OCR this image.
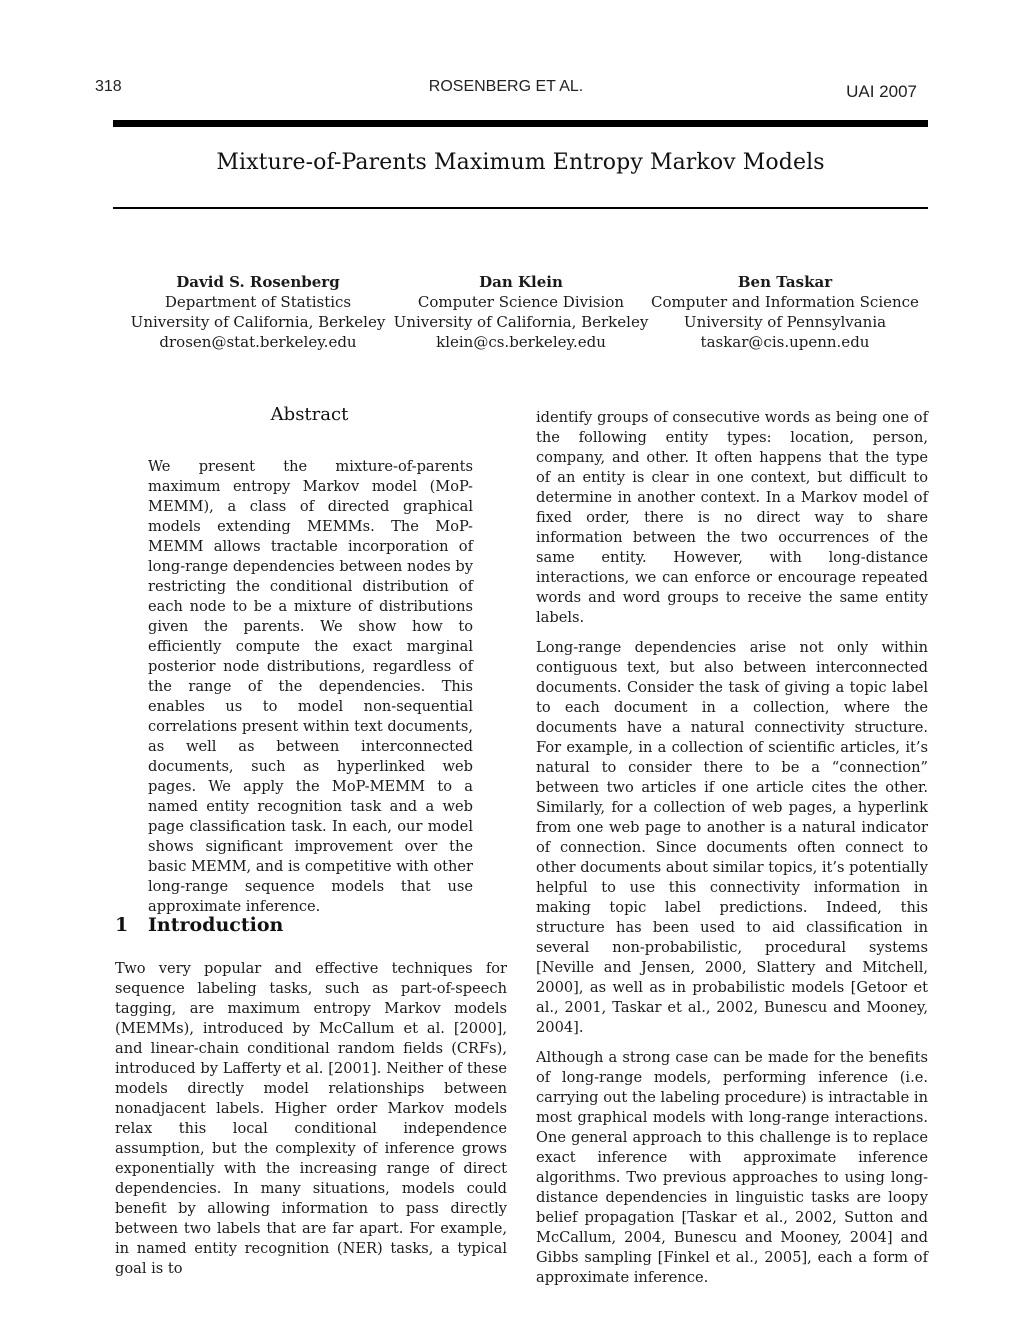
318	ROSENBERG ET AL.	UAI 2007
Mixture-of-Parents Maximum Entropy Markov Models
David S. Rosenberg
Department of Statistics
University of California, Berkeley
drosen@stat.berkeley.edu
Dan Klein
Computer Science Division
University of California, Berkeley
klein@cs.berkeley.edu
Ben Taskar
Computer and Information Science
University of Pennsylvania
taskar@cis.upenn.edu
Abstract

We present the mixture-of-parents maximum entropy Markov model (MoP-MEMM), a class of directed graphical models extending MEMMs. The MoP-MEMM allows tractable incorporation of long-range dependencies between nodes by restricting the conditional distribution of each node to be a mixture of distributions given the parents. We show how to efficiently compute the exact marginal posterior node distributions, regardless of the range of the dependencies. This enables us to model non-sequential correlations present within text documents, as well as between interconnected documents, such as hyperlinked web pages. We apply the MoP-MEMM to a named entity recognition task and a web page classification task. In each, our model shows significant improvement over the basic MEMM, and is competitive with other long-range sequence models that use approximate inference.

1 Introduction

Two very popular and effective techniques for sequence labeling tasks, such as part-of-speech tagging, are maximum entropy Markov models (MEMMs), introduced by McCallum et al. [2000], and linear-chain conditional random fields (CRFs), introduced by Lafferty et al. [2001]. Neither of these models directly model relationships between nonadjacent labels. Higher order Markov models relax this local conditional independence assumption, but the complexity of inference grows exponentially with the increasing range of direct dependencies. In many situations, models could benefit by allowing information to pass directly between two labels that are far apart. For example, in named entity recognition (NER) tasks, a typical goal is to

identify groups of consecutive words as being one of the following entity types: location, person, company, and other. It often happens that the type of an entity is clear in one context, but difficult to determine in another context. In a Markov model of fixed order, there is no direct way to share information between the two occurrences of the same entity. However, with long-distance interactions, we can enforce or encourage repeated words and word groups to receive the same entity labels.

Long-range dependencies arise not only within contiguous text, but also between interconnected documents. Consider the task of giving a topic label to each document in a collection, where the documents have a natural connectivity structure. For example, in a collection of scientific articles, it’s natural to consider there to be a “connection” between two articles if one article cites the other. Similarly, for a collection of web pages, a hyperlink from one web page to another is a natural indicator of connection. Since documents often connect to other documents about similar topics, it’s potentially helpful to use this connectivity information in making topic label predictions. Indeed, this structure has been used to aid classification in several non-probabilistic, procedural systems [Neville and Jensen, 2000, Slattery and Mitchell, 2000], as well as in probabilistic models [Getoor et al., 2001, Taskar et al., 2002, Bunescu and Mooney, 2004].

Although a strong case can be made for the benefits of long-range models, performing inference (i.e. carrying out the labeling procedure) is intractable in most graphical models with long-range interactions. One general approach to this challenge is to replace exact inference with approximate inference algorithms. Two previous approaches to using long-distance dependencies in linguistic tasks are loopy belief propagation [Taskar et al., 2002, Sutton and McCallum, 2004, Bunescu and Mooney, 2004] and Gibbs sampling [Finkel et al., 2005], each a form of approximate inference.
